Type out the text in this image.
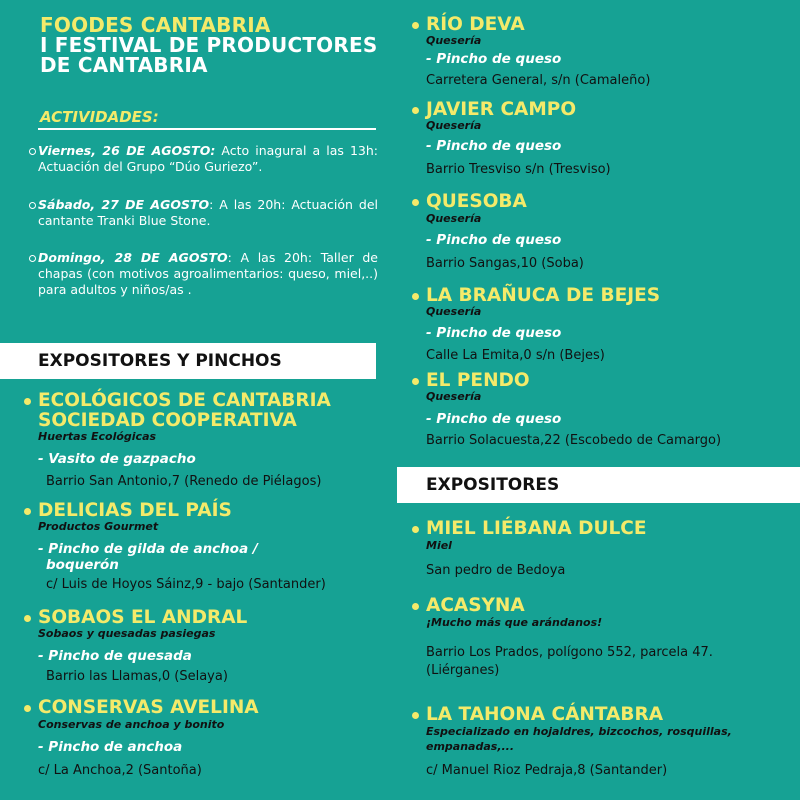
FOODES CANTABRIA
I FESTIVAL DE PRODUCTORES
DE CANTABRIA
ACTIVIDADES:
Viernes, 26 DE AGOSTO: Acto inagural a las 13h: Actuación del Grupo “Dúo Guriezo”.
Sábado, 27 DE AGOSTO: A las 20h: Actuación del cantante Tranki Blue Stone.
Domingo, 28 DE AGOSTO: A las 20h: Taller de chapas (con motivos agroalimentarios: queso, miel,..) para adultos y niños/as .
EXPOSITORES Y PINCHOS
ECOLÓGICOS DE CANTABRIA
SOCIEDAD COOPERATIVA
Huertas Ecológicas
- Vasito de gazpacho
Barrio San Antonio,7 (Renedo de Piélagos)
DELICIAS DEL PAÍS
Productos Gourmet
- Pincho de gilda de anchoa /
boquerón
c/ Luis de Hoyos Sáinz,9 - bajo (Santander)
SOBAOS EL ANDRAL
Sobaos y quesadas pasiegas
- Pincho de quesada
Barrio las Llamas,0 (Selaya)
CONSERVAS AVELINA
Conservas de anchoa y bonito
- Pincho de anchoa
c/ La Anchoa,2 (Santoña)
RÍO DEVA
Quesería
- Pincho de queso
Carretera General, s/n (Camaleño)
JAVIER CAMPO
Quesería
- Pincho de queso
Barrio Tresviso s/n (Tresviso)
QUESOBA
Quesería
- Pincho de queso
Barrio Sangas,10 (Soba)
LA BRAÑUCA DE BEJES
Quesería
- Pincho de queso
Calle La Emita,0 s/n (Bejes)
EL PENDO
Quesería
- Pincho de queso
Barrio Solacuesta,22 (Escobedo de Camargo)
EXPOSITORES
MIEL LIÉBANA DULCE
Miel
San pedro de Bedoya
ACASYNA
¡Mucho más que arándanos!
Barrio Los Prados, polígono 552, parcela 47.
(Liérganes)
LA TAHONA CÁNTABRA
Especializado en hojaldres, bizcochos, rosquillas,
empanadas,...
c/ Manuel Rioz Pedraja,8 (Santander)
